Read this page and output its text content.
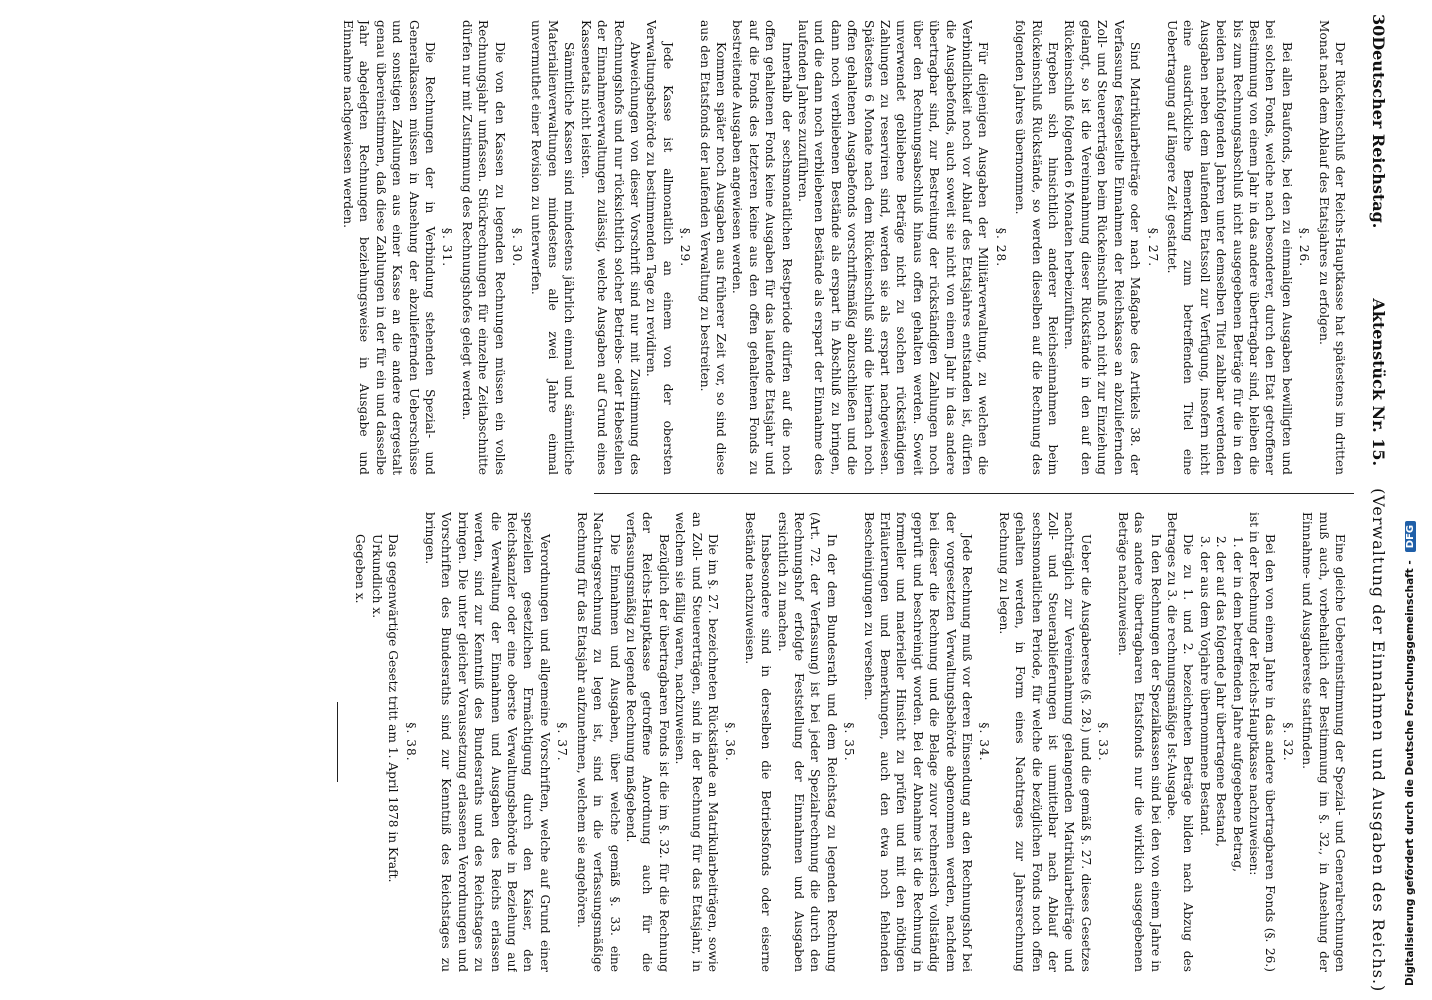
30
Deutscher Reichstag.
Aktenstück Nr. 15.
(Verwaltung der Einnahmen und Ausgaben des Reichs.)

Der Rückeinschluß der Reichs-Hauptkasse hat spätestens im dritten Monat nach dem Ablauf des Etatsjahres zu erfolgen.

§. 26.

Bei allen Baufonds, bei den zu einmaligen Ausgaben bewilligten und bei solchen Fonds, welche nach besonderer, durch den Etat getroffener Bestimmung von einem Jahr in das andere übertragbar sind, bleiben die bis zum Rechnungsabschluß nicht ausgegebenen Beträge für die in den beiden nachfolgenden Jahren unter demselben Titel zahlbar werdenden Ausgaben neben dem laufenden Etatssoll zur Verfügung, insofern nicht eine ausdrückliche Bemerkung zum betreffenden Titel eine Uebertragung auf längere Zeit gestattet.

§. 27.

Sind Matrikularbeiträge oder nach Maßgabe des Artikels 38. der Verfassung festgestellte Einnahmen der Reichskasse an abzuliefernden Zoll- und Steuererträgen beim Rückeinschluß noch nicht zur Einziehung gelangt, so ist die Vereinnahmung dieser Rückstände in den auf den Rückeinschluß folgenden 6 Monaten herbeizuführen.

Ergeben sich hinsichtlich anderer Reichseinnahmen beim Rückeinschluß Rückstände, so werden dieselben auf die Rechnung des folgenden Jahres übernommen.

§. 28.

Für diejenigen Ausgaben der Militärverwaltung, zu welchen die Verbindlichkeit noch vor Ablauf des Etatsjahres entstanden ist, dürfen die Ausgabefonds, auch soweit sie nicht von einem Jahr in das andere übertragbar sind, zur Bestreitung der rückständigen Zahlungen noch über den Rechnungsabschluß hinaus offen gehalten werden. Soweit unverwendet gebliebene Beträge nicht zu solchen rückständigen Zahlungen zu reserviren sind, werden sie als erspart nachgewiesen. Spätestens 6 Monate nach dem Rückeinschluß sind die hiernach noch offen gehaltenen Ausgabefonds vorschriftsmäßig abzuschließen und die dann noch verbliebenen Bestände als erspart in Abschluß zu bringen, und die dann noch verbliebenen Bestände als erspart der Einnahme des laufenden Jahres zuzuführen.

Innerhalb der sechsmonatlichen Restperiode dürfen auf die noch offen gehaltenen Fonds keine Ausgaben für das laufende Etatsjahr und auf die Fonds des letzteren keine aus den offen gehaltenen Fonds zu bestreitende Ausgaben angewiesen werden.

Kommen später noch Ausgaben aus früherer Zeit vor, so sind diese aus den Etatsfonds der laufenden Verwaltung zu bestreiten.

§. 29.

Jede Kasse ist allmonatlich an einem von der obersten Verwaltungsbehörde zu bestimmenden Tage zu revidiren.

Abweichungen von dieser Vorschrift sind nur mit Zustimmung des Rechnungshofs und nur rücksichtlich solcher Betriebs- oder Hebestellen der Einnahmeverwaltungen zulässig, welche Ausgaben auf Grund eines Kassenetats nicht leisten.

Sämmtliche Kassen sind mindestens jährlich einmal und sämmtliche Materialienverwaltungen mindestens alle zwei Jahre einmal unvermuthet einer Revision zu unterwerfen.

§. 30.

Die von den Kassen zu legenden Rechnungen müssen ein volles Rechnungsjahr umfassen. Stückrechnungen für einzelne Zeitabschnitte dürfen nur mit Zustimmung des Rechnungshofes gelegt werden.

§. 31.

Die Rechnungen der in Verbindung stehenden Spezial- und Generalkassen müssen in Ansehung der abzuliefernden Ueberschüsse und sonstigen Zahlungen aus einer Kasse an die andere dergestalt genau übereinstimmen, daß diese Zahlungen in der für ein und dasselbe Jahr abgelegten Rechnungen beziehungsweise in Ausgabe und Einnahme nachgewiesen werden.

Eine gleiche Uebereinstimmung der Spezial- und Generalrechnungen muß auch, vorbehaltlich der Bestimmung im §. 32., in Ansehung der Einnahme- und Ausgabereste stattfinden.

§. 32.

Bei den von einem Jahre in das andere übertragbaren Fonds (§. 26.) ist in der Rechnung der Reichs-Hauptkasse nachzuweisen:

1. der in dem betreffenden Jahre aufgegebene Betrag,

2. der auf das folgende Jahr übertragene Bestand,

3. der aus dem Vorjahre übernommene Bestand.

Die zu 1. und 2. bezeichneten Beträge bilden nach Abzug des Betrages zu 3. die rechnungsmäßige Ist-Ausgabe.

In den Rechnungen der Spezialkassen sind bei den von einem Jahre in das andere übertragbaren Etatsfonds nur die wirklich ausgegebenen Beträge nachzuweisen.

§. 33.

Ueber die Ausgabereste (§. 28.) und die gemäß §. 27. dieses Gesetzes nachträglich zur Vereinnahmung gelangenden Matrikularbeiträge und Zoll- und Steuerablieferungen ist unmittelbar nach Ablauf der sechsmonatlichen Periode, für welche die bezüglichen Fonds noch offen gehalten werden, in Form eines Nachtrages zur Jahresrechnung Rechnung zu legen.

§. 34.

Jede Rechnung muß vor deren Einsendung an den Rechnungshof bei der vorgesetzten Verwaltungsbehörde abgenommen werden, nachdem bei dieser die Rechnung und die Belage zuvor rechnerisch vollständig geprüft und beschreinigt worden. Bei der Abnahme ist die Rechnung in formeller und materieller Hinsicht zu prüfen und mit den nöthigen Erläuterungen und Bemerkungen, auch den etwa noch fehlenden Bescheinigungen zu versehen.

§. 35.

In der dem Bundesrath und dem Reichstag zu legenden Rechnung (Art. 72. der Verfassung) ist bei jeder Spezialrechnung die durch den Rechnungshof erfolgte Feststellung der Einnahmen und Ausgaben ersichtlich zu machen.

Insbesondere sind in derselben die Betriebsfonds oder eiserne Bestände nachzuweisen.

§. 36.

Die im §. 27. bezeichneten Rückstände an Matrikularbeiträgen, sowie an Zoll- und Steuererträgen, sind in der Rechnung für das Etatsjahr, in welchem sie fällig waren, nachzuweisen.

Bezüglich der übertragbaren Fonds ist die im §. 32. für die Rechnung der Reichs-Hauptkasse getroffene Anordnung auch für die verfassungsmäßig zu legende Rechnung maßgebend.

Die Einnahmen und Ausgaben, über welche gemäß §. 33. eine Nachtragsrechnung zu legen ist, sind in die verfassungsmäßige Rechnung für das Etatsjahr aufzunehmen, welchem sie angehören.

§. 37.

Verordnungen und allgemeine Vorschriften, welche auf Grund einer speziellen gesetzlichen Ermächtigung durch den Kaiser, den Reichskanzler oder eine oberste Verwaltungsbehörde in Beziehung auf die Verwaltung der Einnahmen und Ausgaben des Reichs erlassen werden, sind zur Kenntniß des Bundesraths und des Reichstages zu bringen. Die unter gleicher Voraussetzung erlassenen Verordnungen und Vorschriften des Bundesraths sind zur Kenntniß des Reichstages zu bringen.

§. 38.

Das gegenwärtige Gesetz tritt am 1. April 1878 in Kraft.

Urkundlich x.

Gegeben x.	Digitalisierung gefördert durch die Deutsche Forschungsgemeinschaft -DFG
